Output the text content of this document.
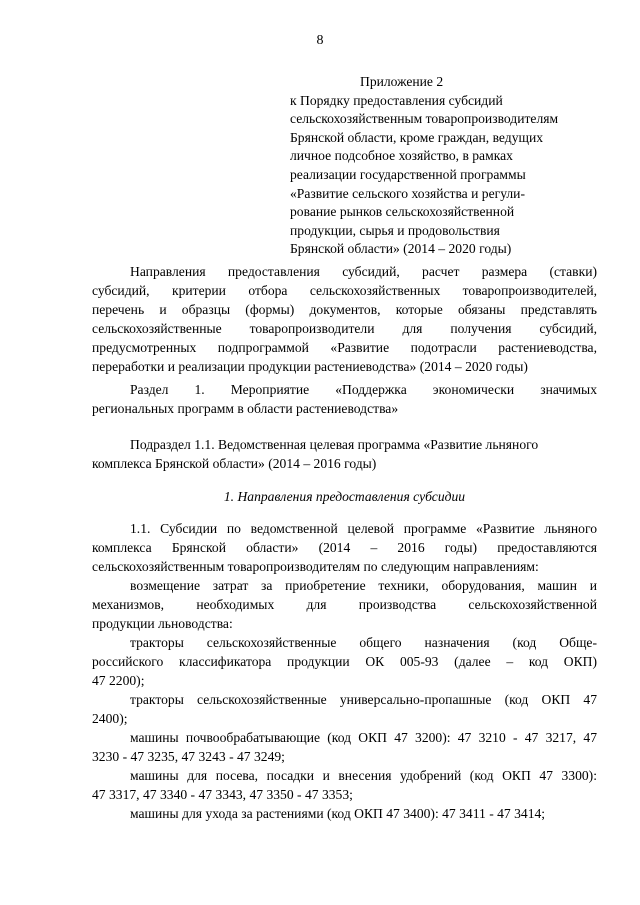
8
Приложение 2
к Порядку предоставления субсидий
сельскохозяйственным товаропроизводителям
Брянской области, кроме граждан, ведущих
личное подсобное хозяйство, в рамках
реализации государственной программы
«Развитие сельского хозяйства и регули-
рование рынков сельскохозяйственной
продукции, сырья и продовольствия
Брянской области» (2014 – 2020 годы)
Направления предоставления субсидий, расчет размера (ставки)
субсидий, критерии отбора сельскохозяйственных товаропроизводителей,
перечень и образцы (формы) документов, которые обязаны представлять
сельскохозяйственные товаропроизводители для получения субсидий,
предусмотренных подпрограммой «Развитие подотрасли растениеводства,
переработки и реализации продукции растениеводства» (2014 – 2020 годы)
Раздел 1. Мероприятие «Поддержка экономически значимых
региональных программ в области растениеводства»
Подраздел 1.1. Ведомственная целевая программа «Развитие льняного
комплекса Брянской области» (2014 – 2016 годы)
1. Направления предоставления субсидии
1.1. Субсидии по ведомственной целевой программе «Развитие льняного
комплекса Брянской области» (2014 – 2016 годы) предоставляются
сельскохозяйственным товаропроизводителям по следующим направлениям:
возмещение затрат за приобретение техники, оборудования, машин и
механизмов, необходимых для производства сельскохозяйственной
продукции льноводства:
тракторы сельскохозяйственные общего назначения (код Обще-
российского классификатора продукции ОК 005-93 (далее – код ОКП)
47 2200);
тракторы сельскохозяйственные универсально-пропашные (код ОКП 47
2400);
машины почвообрабатывающие (код ОКП 47 3200): 47 3210 - 47 3217, 47
3230 - 47 3235, 47 3243 - 47 3249;
машины для посева, посадки и внесения удобрений (код ОКП 47 3300):
47 3317, 47 3340 - 47 3343, 47 3350 - 47 3353;
машины для ухода за растениями (код ОКП 47 3400): 47 3411 - 47 3414;
